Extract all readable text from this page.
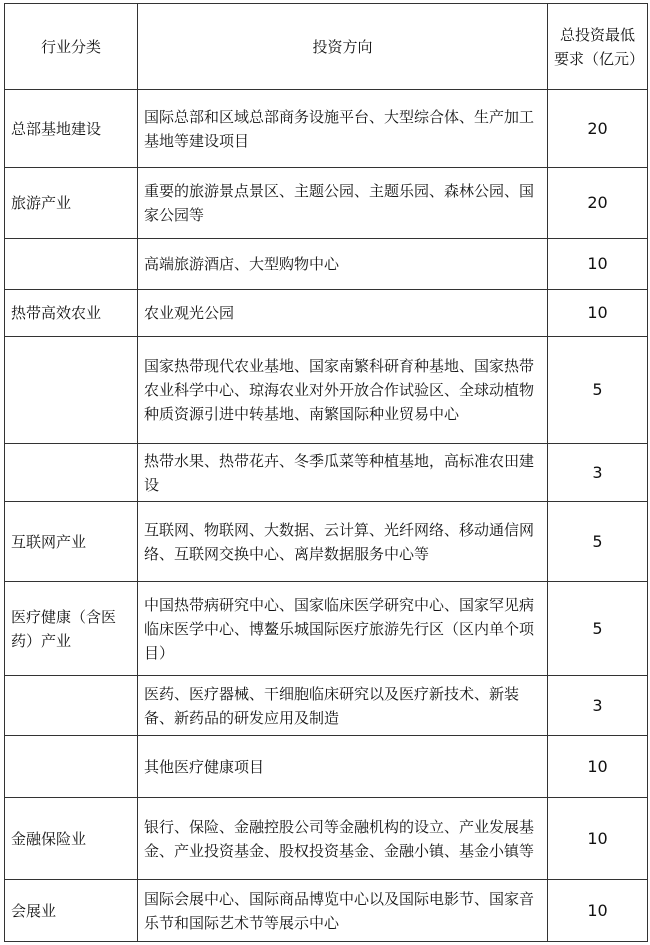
行业分类	投资方向	总投资最低要求（亿元）
总部基地建设	国际总部和区域总部商务设施平台、大型综合体、生产加工基地等建设项目	20
旅游产业	重要的旅游景点景区、主题公园、主题乐园、森林公园、国家公园等	20
	高端旅游酒店、大型购物中心	10
热带高效农业	农业观光公园	10
	国家热带现代农业基地、国家南繁科研育种基地、国家热带农业科学中心、琼海农业对外开放合作试验区、全球动植物种质资源引进中转基地、南繁国际种业贸易中心	5
	热带水果、热带花卉、冬季瓜菜等种植基地，高标准农田建设	3
互联网产业	互联网、物联网、大数据、云计算、光纤网络、移动通信网络、互联网交换中心、离岸数据服务中心等	5
医疗健康（含医药）产业	中国热带病研究中心、国家临床医学研究中心、国家罕见病临床医学中心、博鳌乐城国际医疗旅游先行区（区内单个项目）	5
	医药、医疗器械、干细胞临床研究以及医疗新技术、新装备、新药品的研发应用及制造	3
	其他医疗健康项目	10
金融保险业	银行、保险、金融控股公司等金融机构的设立、产业发展基金、产业投资基金、股权投资基金、金融小镇、基金小镇等	10
会展业	国际会展中心、国际商品博览中心以及国际电影节、国家音乐节和国际艺术节等展示中心	10
